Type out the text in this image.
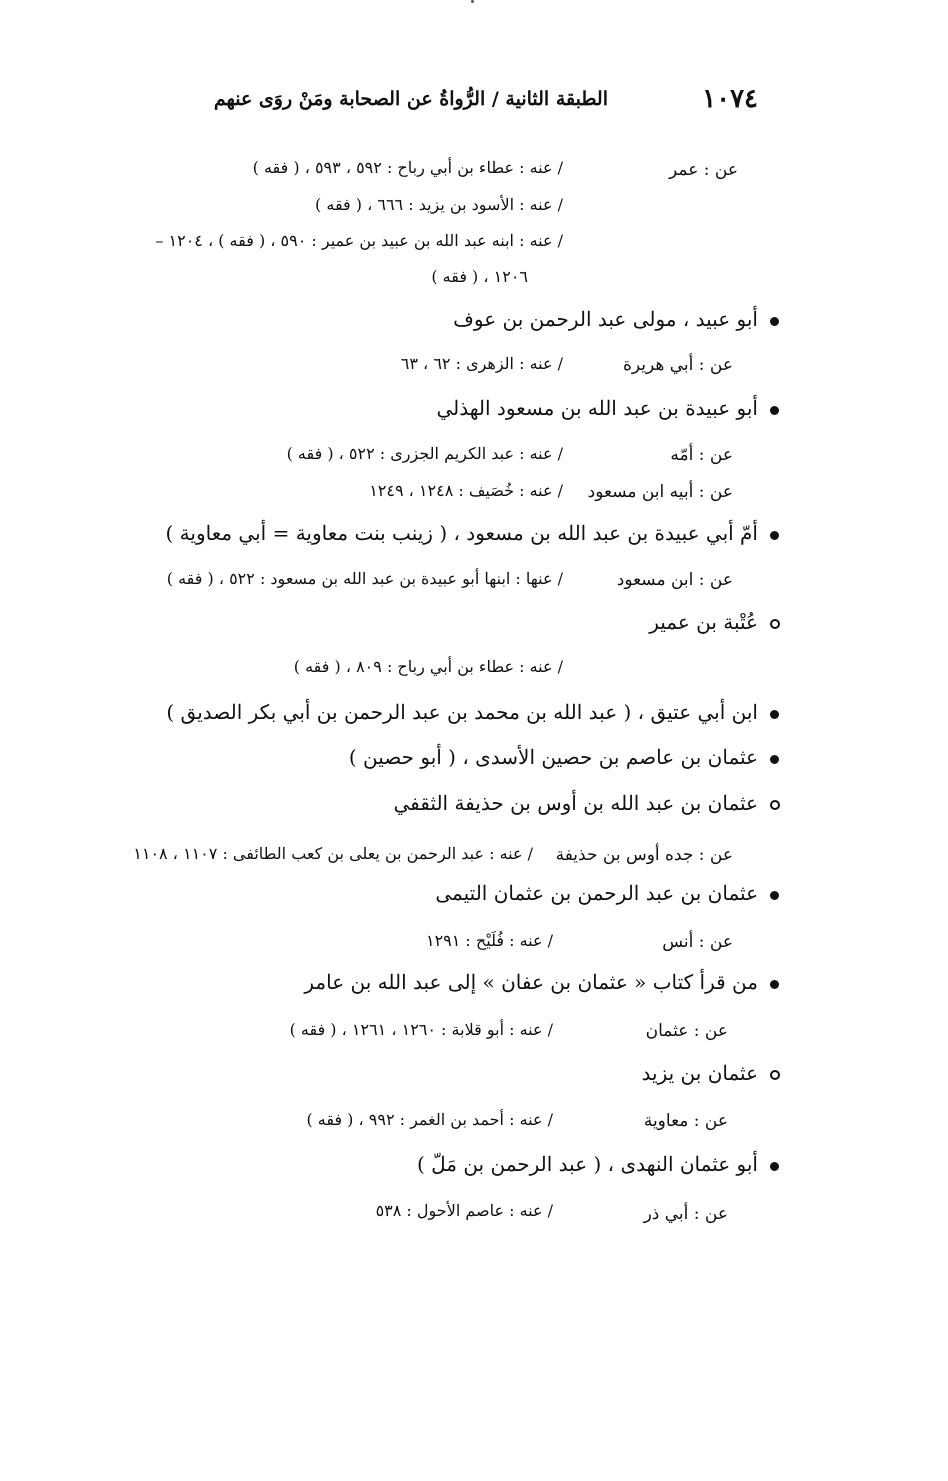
١٠٧٤
الطبقة الثانية / الرُّواةُ عن الصحابة ومَنْ روَى عنهم
عن : عمر
/ عنه : عطاء بن أبي رباح : ٥٩٢ ، ٥٩٣ ، ( فقه )
/ عنه : الأسود بن يزيد : ٦٦٦ ، ( فقه )
/ عنه : ابنه عبد الله بن عبيد بن عمير : ٥٩٠ ، ( فقه ) ، ١٢٠٤ –
١٢٠٦ ، ( فقه )
أبو عبيد ، مولى عبد الرحمن بن عوف
عن : أبي هريرة
/ عنه : الزهرى : ٦٢ ، ٦٣
أبو عبيدة بن عبد الله بن مسعود الهذلي
عن : أمّه
/ عنه : عبد الكريم الجزرى : ٥٢٢ ، ( فقه )
عن : أبيه ابن مسعود
/ عنه : خُصَيف : ١٢٤٨ ، ١٢٤٩
أمّ أبي عبيدة بن عبد الله بن مسعود ، ( زينب بنت معاوية = أبي معاوية )
عن : ابن مسعود
/ عنها : ابنها أبو عبيدة بن عبد الله بن مسعود : ٥٢٢ ، ( فقه )
عُتْبة بن عمير
/ عنه : عطاء بن أبي رباح : ٨٠٩ ، ( فقه )
ابن أبي عتيق ، ( عبد الله بن محمد بن عبد الرحمن بن أبي بكر الصديق )
عثمان بن عاصم بن حصين الأسدى ، ( أبو حصين )
عثمان بن عبد الله بن أوس بن حذيفة الثقفي
عن : جده أوس بن حذيفة
/ عنه : عبد الرحمن بن يعلى بن كعب الطائفى : ١١٠٧ ، ١١٠٨
عثمان بن عبد الرحمن بن عثمان التيمى
عن : أنس
/ عنه : فُلَيْح : ١٢٩١
من قرأ كتاب « عثمان بن عفان » إلى عبد الله بن عامر
عن : عثمان
/ عنه : أبو قلابة : ١٢٦٠ ، ١٢٦١ ، ( فقه )
عثمان بن يزيد
عن : معاوية
/ عنه : أحمد بن الغمر : ٩٩٢ ، ( فقه )
أبو عثمان النهدى ، ( عبد الرحمن بن مَلّ )
عن : أبي ذر
/ عنه : عاصم الأحول : ٥٣٨
